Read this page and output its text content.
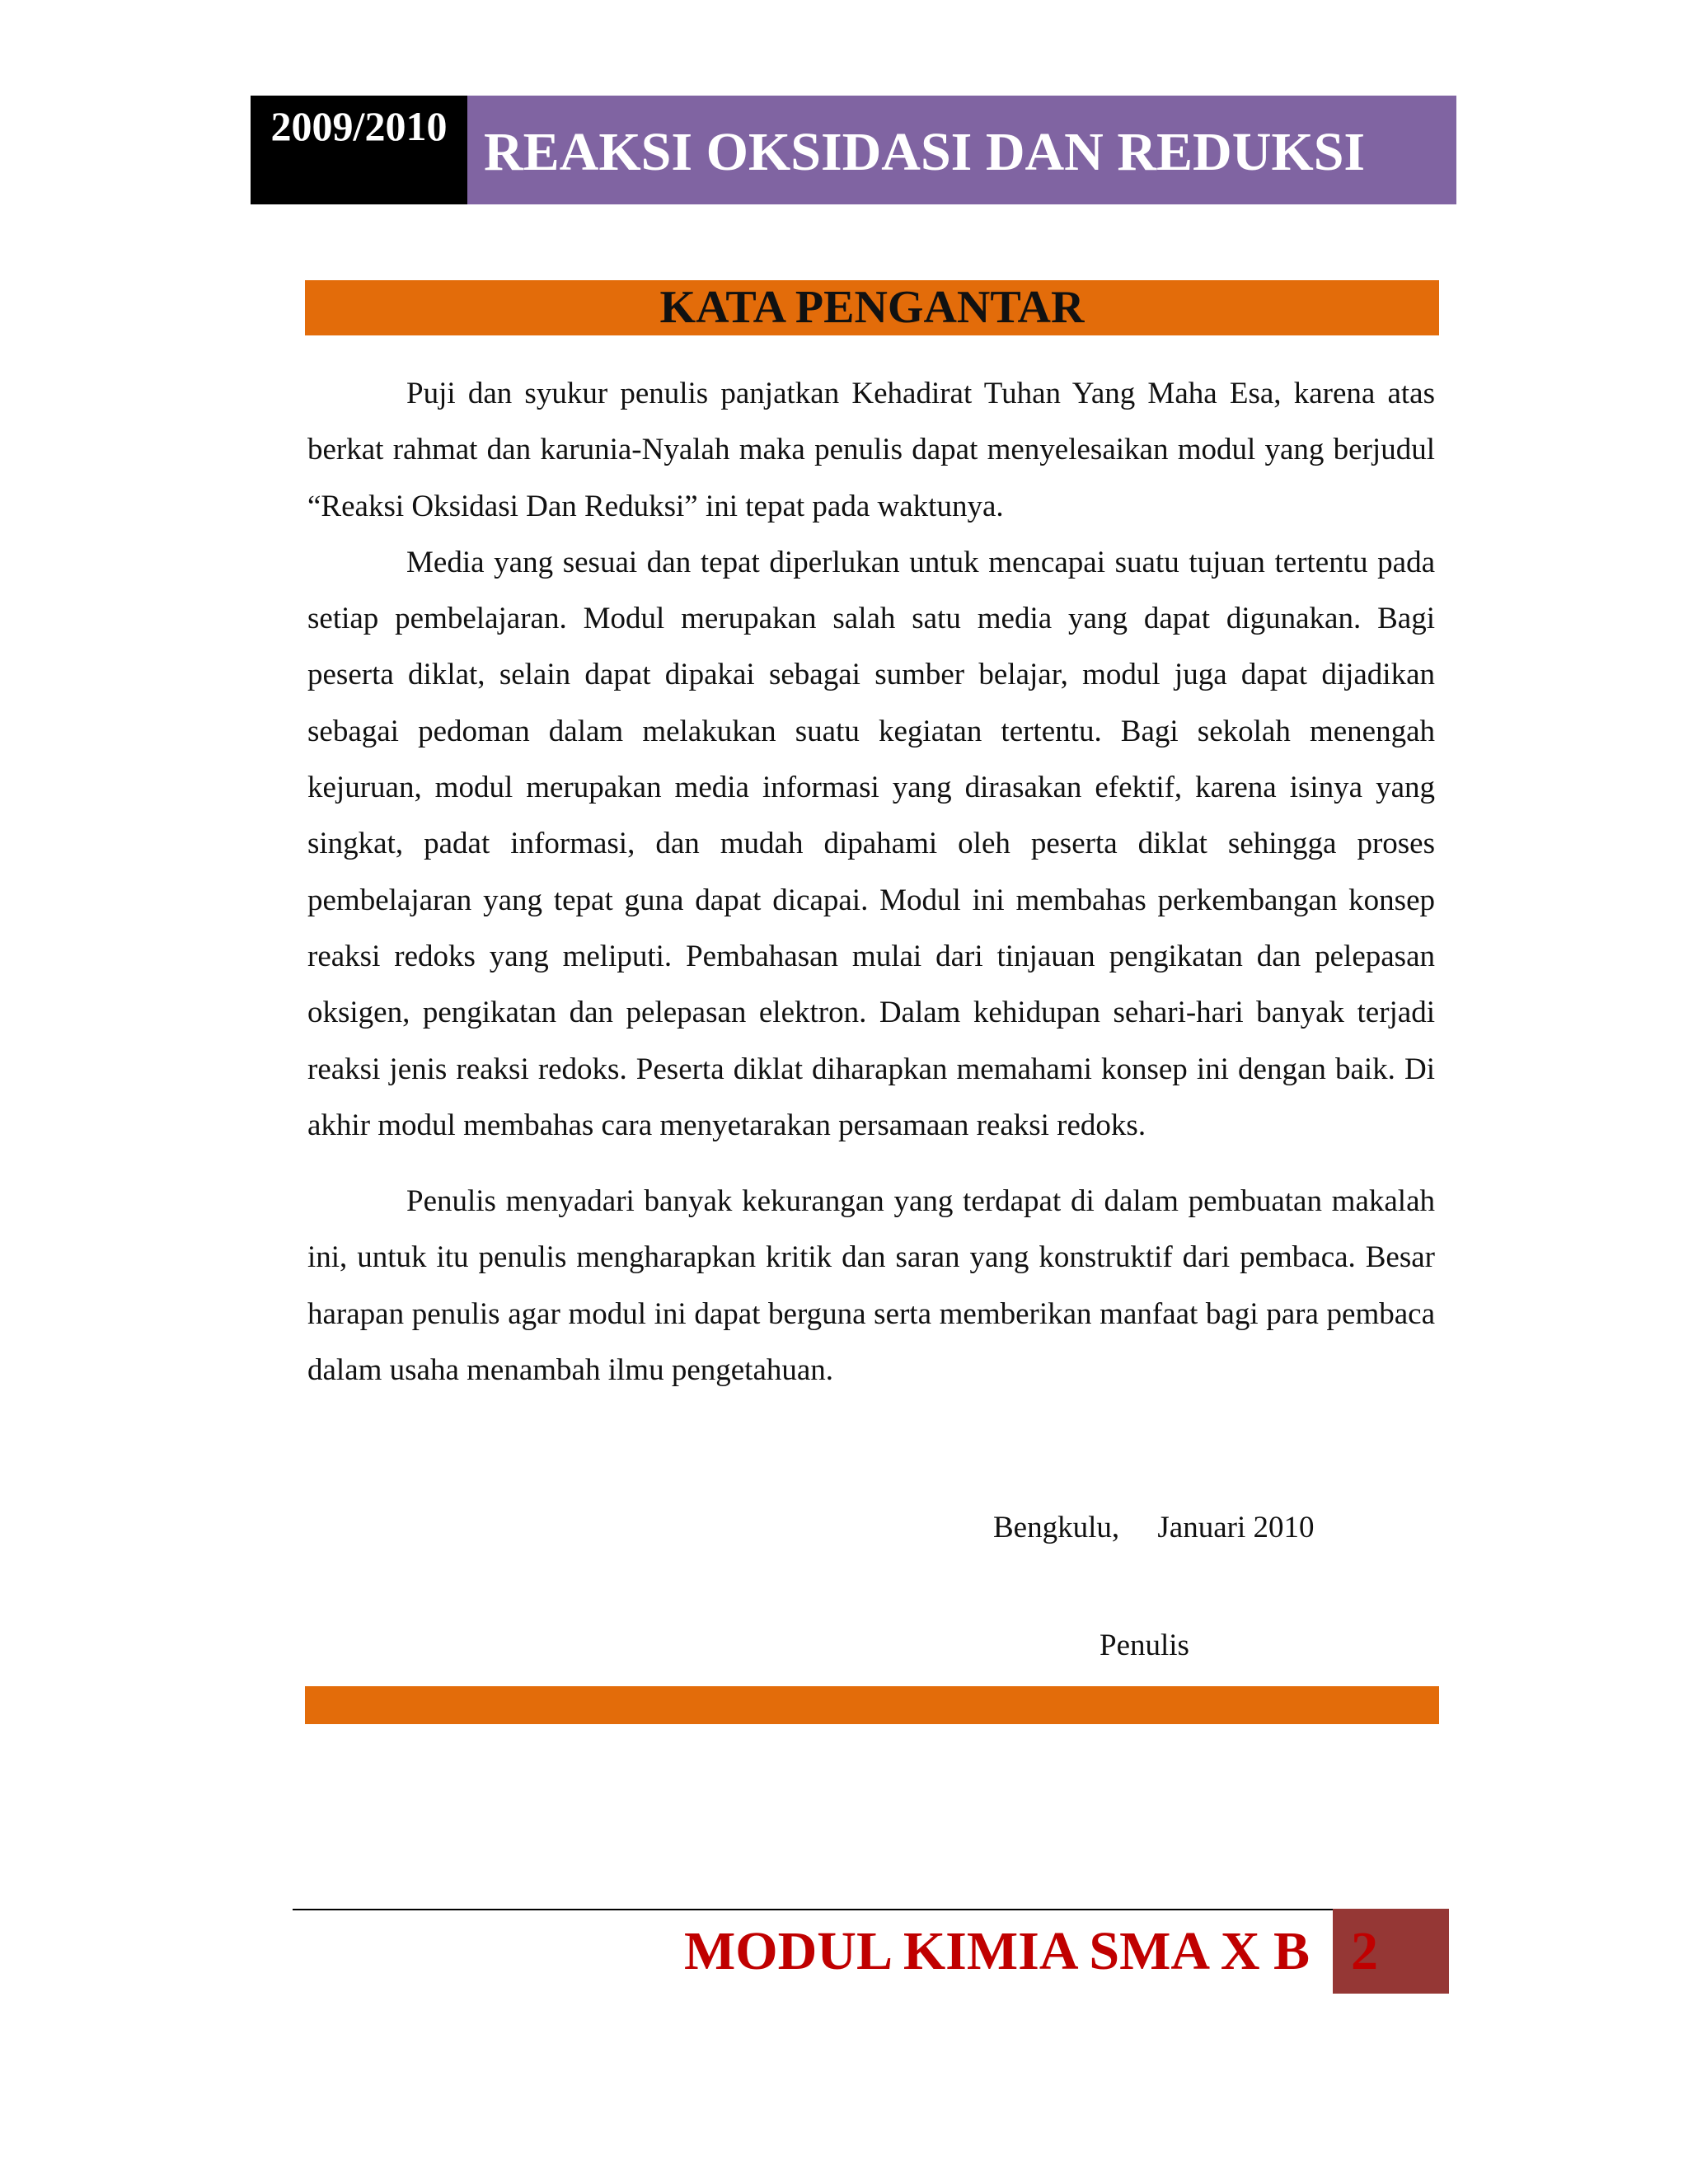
2009/2010 REAKSI OKSIDASI DAN REDUKSI
KATA PENGANTAR

Puji dan syukur penulis panjatkan Kehadirat Tuhan Yang Maha Esa, karena atas berkat rahmat dan karunia-Nyalah maka penulis dapat menyelesaikan modul yang berjudul “Reaksi Oksidasi Dan Reduksi” ini tepat pada waktunya.

Media yang sesuai dan tepat diperlukan untuk mencapai suatu tujuan tertentu pada setiap pembelajaran. Modul merupakan salah satu media yang dapat digunakan. Bagi peserta diklat, selain dapat dipakai sebagai sumber belajar, modul juga dapat dijadikan sebagai pedoman dalam melakukan suatu kegiatan tertentu. Bagi sekolah menengah kejuruan, modul merupakan media informasi yang dirasakan efektif, karena isinya yang singkat, padat informasi, dan mudah dipahami oleh peserta diklat sehingga proses pembelajaran yang tepat guna dapat dicapai. Modul ini membahas perkembangan konsep reaksi redoks yang meliputi. Pembahasan mulai dari tinjauan pengikatan dan pelepasan oksigen, pengikatan dan pelepasan elektron. Dalam kehidupan sehari-hari banyak terjadi reaksi jenis reaksi redoks. Peserta diklat diharapkan memahami konsep ini dengan baik. Di akhir modul membahas cara menyetarakan persamaan reaksi redoks.

Penulis menyadari banyak kekurangan yang terdapat di dalam pembuatan makalah ini, untuk itu penulis mengharapkan kritik dan saran yang konstruktif dari pembaca. Besar harapan penulis agar modul ini dapat berguna serta memberikan manfaat bagi para pembaca dalam usaha menambah ilmu pengetahuan.

Bengkulu,     Januari 2010
Penulis
MODUL KIMIA SMA X B 2
